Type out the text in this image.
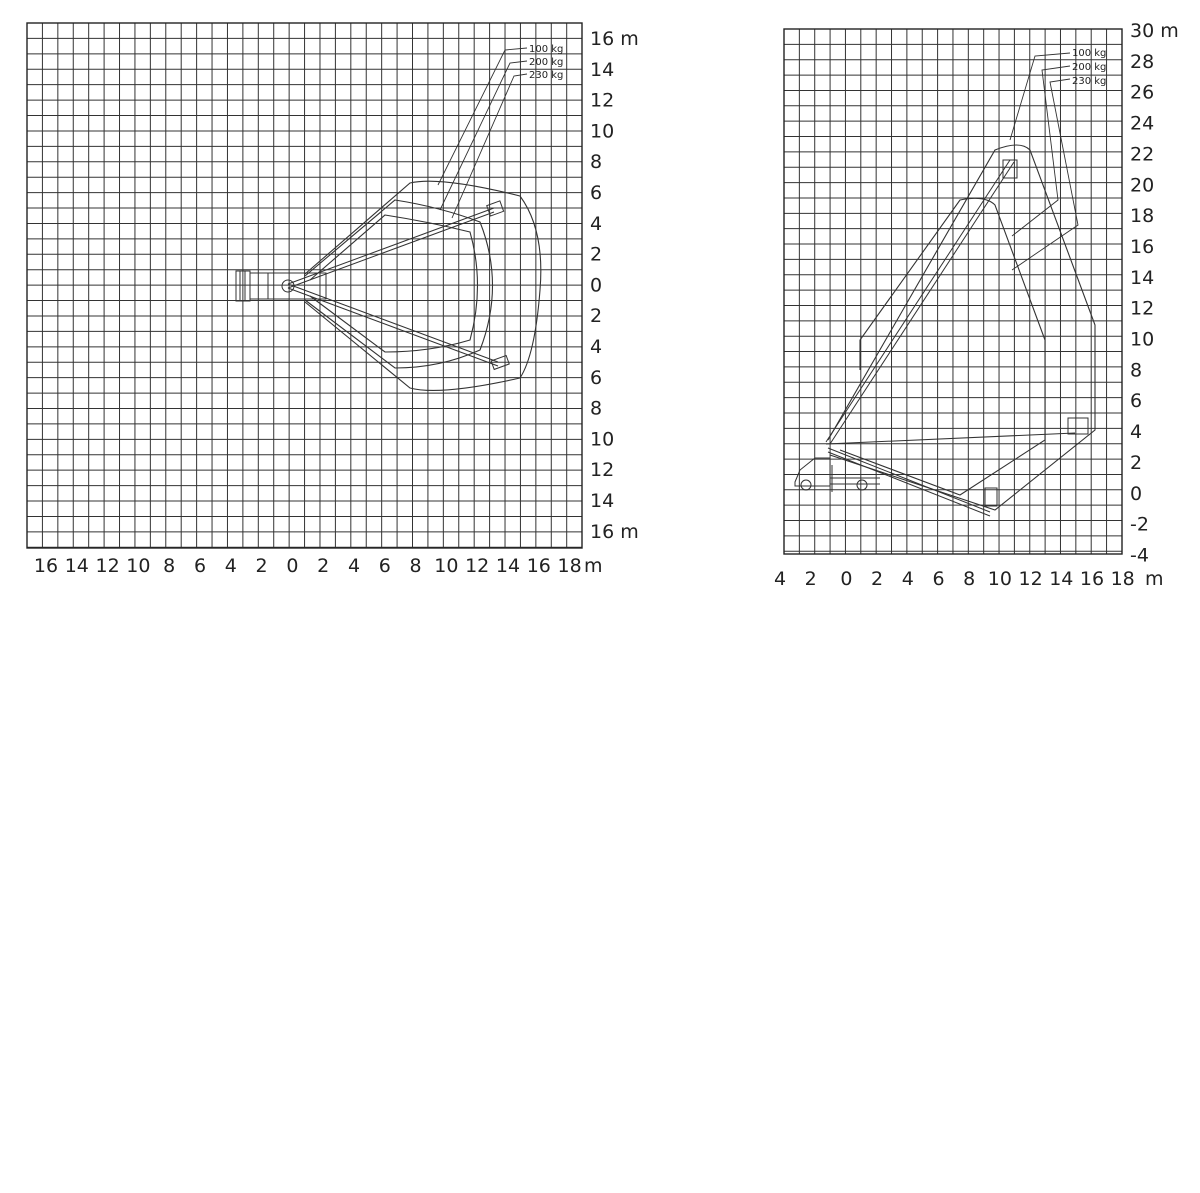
16 m
14
12
10
8
6
4
2
0
2
4
6
8
10
12
14
16 m
16 14 12 10 8 6 4 2 0 2 4 6 8 10 12 14 16 18 m
100 kg
200 kg
230 kg
30 m
28
26
24
22
20
18
16
14
12
10
8
6
4
2
0
-2
-4
4 2 0 2 4 6 8 10 12 14 16 18 m
100 kg
200 kg
230 kg
